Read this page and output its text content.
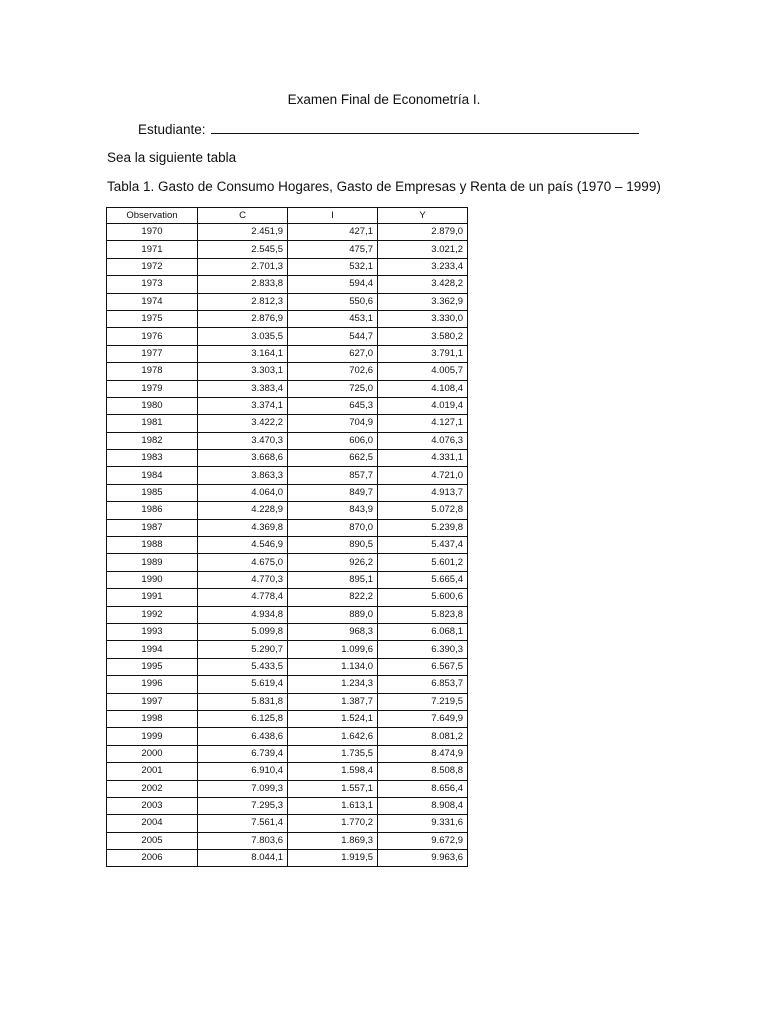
Examen Final de Econometría I.
Estudiante:
Sea la siguiente tabla
Tabla 1. Gasto de Consumo Hogares, Gasto de Empresas y Renta de un país (1970 – 1999)
Observation	C	I	Y
1970	2.451,9	427,1	2.879,0
1971	2.545,5	475,7	3.021,2
1972	2.701,3	532,1	3.233,4
1973	2.833,8	594,4	3.428,2
1974	2.812,3	550,6	3.362,9
1975	2.876,9	453,1	3.330,0
1976	3.035,5	544,7	3.580,2
1977	3.164,1	627,0	3.791,1
1978	3.303,1	702,6	4.005,7
1979	3.383,4	725,0	4.108,4
1980	3.374,1	645,3	4.019,4
1981	3.422,2	704,9	4.127,1
1982	3.470,3	606,0	4.076,3
1983	3.668,6	662,5	4.331,1
1984	3.863,3	857,7	4.721,0
1985	4.064,0	849,7	4.913,7
1986	4.228,9	843,9	5.072,8
1987	4.369,8	870,0	5.239,8
1988	4.546,9	890,5	5.437,4
1989	4.675,0	926,2	5.601,2
1990	4.770,3	895,1	5.665,4
1991	4.778,4	822,2	5.600,6
1992	4.934,8	889,0	5.823,8
1993	5.099,8	968,3	6.068,1
1994	5.290,7	1.099,6	6.390,3
1995	5.433,5	1.134,0	6.567,5
1996	5.619,4	1.234,3	6.853,7
1997	5.831,8	1.387,7	7.219,5
1998	6.125,8	1.524,1	7.649,9
1999	6.438,6	1.642,6	8.081,2
2000	6.739,4	1.735,5	8.474,9
2001	6.910,4	1.598,4	8.508,8
2002	7.099,3	1.557,1	8.656,4
2003	7.295,3	1.613,1	8.908,4
2004	7.561,4	1.770,2	9.331,6
2005	7.803,6	1.869,3	9.672,9
2006	8.044,1	1.919,5	9.963,6
